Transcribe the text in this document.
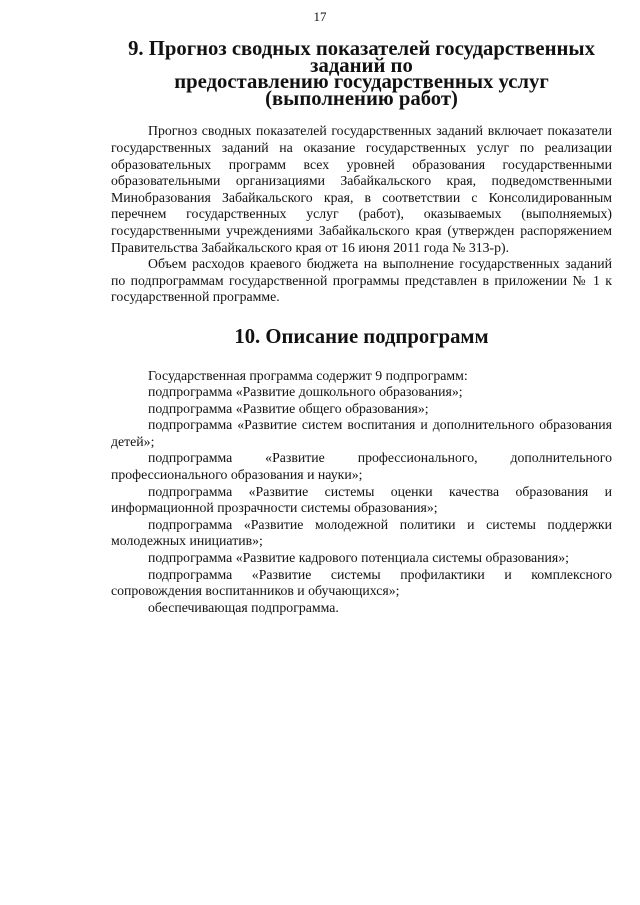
17
9. Прогноз сводных показателей государственных заданий по
предоставлению государственных услуг
(выполнению работ)

Прогноз сводных показателей государственных заданий включает показатели государственных заданий на оказание государственных услуг по реализации образовательных программ всех уровней образования государственными образовательными организациями Забайкальского края, подведомственными Минобразования Забайкальского края, в соответствии с Консолидированным перечнем государственных услуг (работ), оказываемых (выполняемых) государственными учреждениями Забайкальского края (утвержден распоряжением Правительства Забайкальского края от 16 июня 2011 года № 313-р).

Объем расходов краевого бюджета на выполнение государственных заданий по подпрограммам государственной программы представлен в приложении № 1 к государственной программе.

10. Описание подпрограмм

Государственная программа содержит 9 подпрограмм:

подпрограмма «Развитие дошкольного образования»;

подпрограмма «Развитие общего образования»;

подпрограмма «Развитие систем воспитания и дополнительного образования детей»;

подпрограмма «Развитие профессионального, дополнительного профессионального образования и науки»;

подпрограмма «Развитие системы оценки качества образования и информационной прозрачности системы образования»;

подпрограмма «Развитие молодежной политики и системы поддержки молодежных инициатив»;

подпрограмма «Развитие кадрового потенциала системы образования»;

подпрограмма «Развитие системы профилактики и комплексного сопровождения воспитанников и обучающихся»;

обеспечивающая подпрограмма.
